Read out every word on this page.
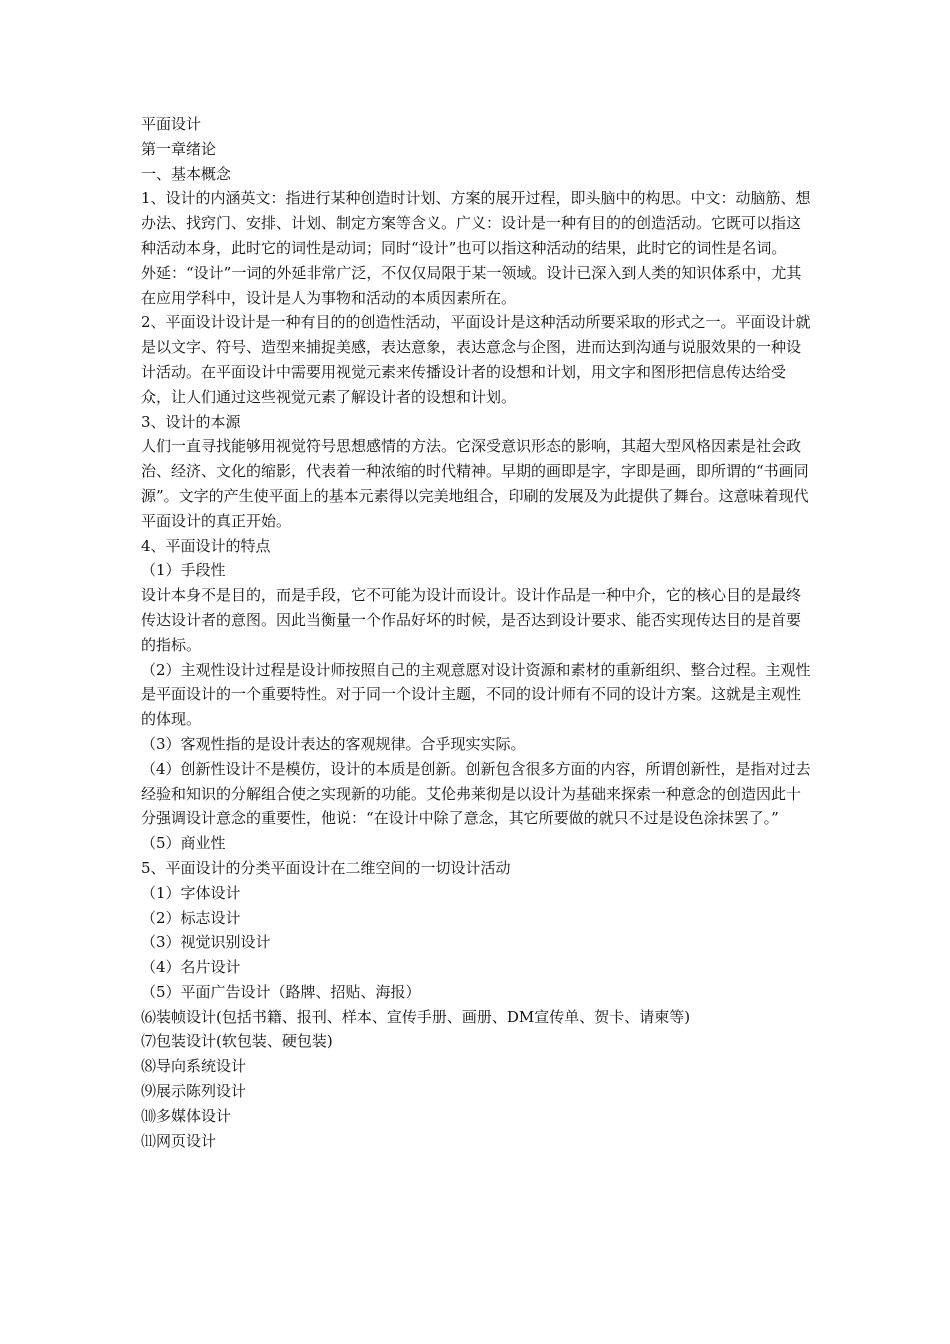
平面设计

第一章绪论

一、基本概念

1、设计的内涵英文：指进行某种创造时计划、方案的展开过程，即头脑中的构思。中文：动脑筋、想办法、找窍门、安排、计划、制定方案等含义。广义：设计是一种有目的的创造活动。它既可以指这种活动本身，此时它的词性是动词；同时“设计”也可以指这种活动的结果，此时它的词性是名词。

外延：“设计”一词的外延非常广泛，不仅仅局限于某一领域。设计已深入到人类的知识体系中，尤其在应用学科中，设计是人为事物和活动的本质因素所在。

2、平面设计设计是一种有目的的创造性活动，平面设计是这种活动所要采取的形式之一。平面设计就是以文字、符号、造型来捕捉美感，表达意象，表达意念与企图，进而达到沟通与说服效果的一种设计活动。在平面设计中需要用视觉元素来传播设计者的设想和计划，用文字和图形把信息传达给受众，让人们通过这些视觉元素了解设计者的设想和计划。

3、设计的本源

人们一直寻找能够用视觉符号思想感情的方法。它深受意识形态的影响，其超大型风格因素是社会政治、经济、文化的缩影，代表着一种浓缩的时代精神。早期的画即是字，字即是画，即所谓的“书画同源”。文字的产生使平面上的基本元素得以完美地组合，印刷的发展及为此提供了舞台。这意味着现代平面设计的真正开始。

4、平面设计的特点

（1）手段性

设计本身不是目的，而是手段，它不可能为设计而设计。设计作品是一种中介，它的核心目的是最终传达设计者的意图。因此当衡量一个作品好坏的时候，是否达到设计要求、能否实现传达目的是首要的指标。

（2）主观性设计过程是设计师按照自己的主观意愿对设计资源和素材的重新组织、整合过程。主观性是平面设计的一个重要特性。对于同一个设计主题，不同的设计师有不同的设计方案。这就是主观性的体现。

（3）客观性指的是设计表达的客观规律。合乎现实实际。

（4）创新性设计不是模仿，设计的本质是创新。创新包含很多方面的内容，所谓创新性，是指对过去经验和知识的分解组合使之实现新的功能。艾伦弗莱彻是以设计为基础来探索一种意念的创造因此十分强调设计意念的重要性，他说：“在设计中除了意念，其它所要做的就只不过是设色涂抹罢了。”

（5）商业性

5、平面设计的分类平面设计在二维空间的一切设计活动

（1）字体设计

（2）标志设计

（3）视觉识别设计

（4）名片设计

（5）平面广告设计（路牌、招贴、海报）

⑹装帧设计(包括书籍、报刊、样本、宣传手册、画册、DM宣传单、贺卡、请柬等)

⑺包装设计(软包装、硬包装)

⑻导向系统设计

⑼展示陈列设计

⑽多媒体设计

⑾网页设计
